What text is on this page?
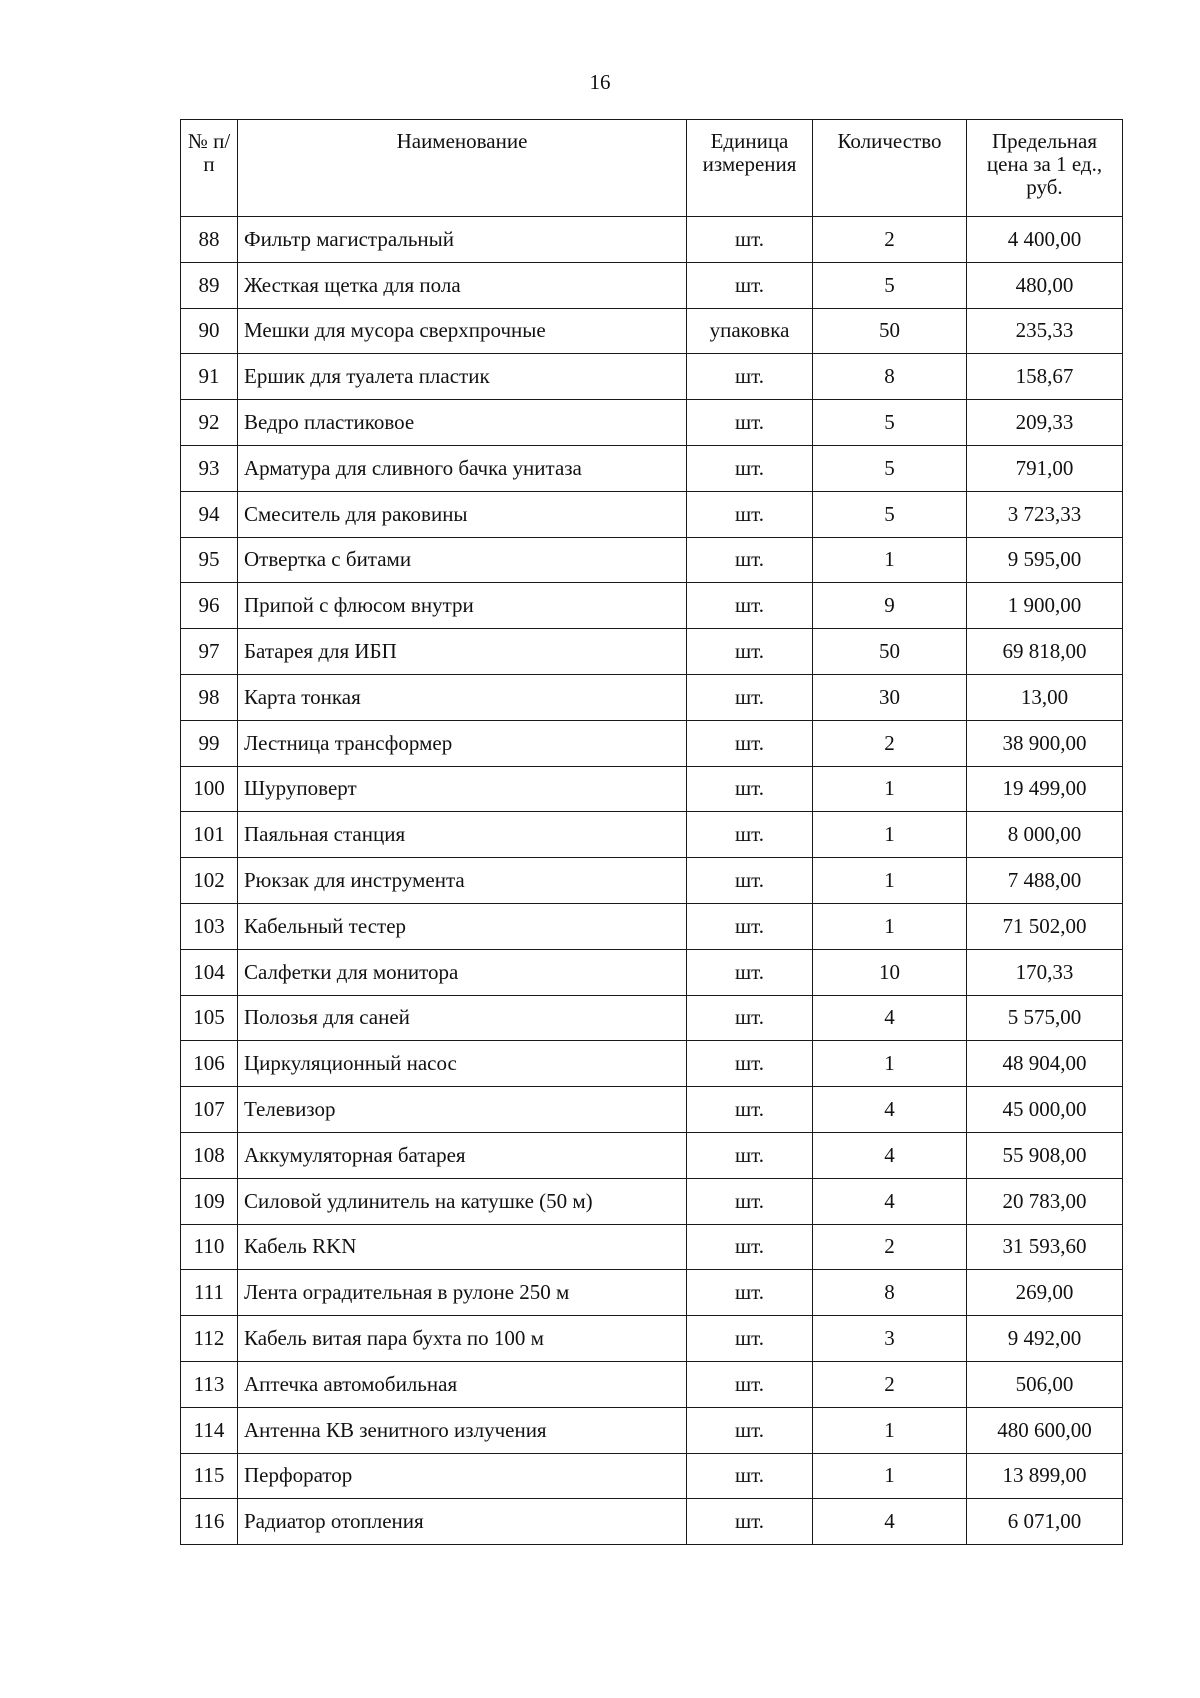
16
№ п/п	Наименование	Единица измерения	Количество	Предельная цена за 1 ед., руб.
88	Фильтр магистральный	шт.	2	4 400,00
89	Жесткая щетка для пола	шт.	5	480,00
90	Мешки для мусора сверхпрочные	упаковка	50	235,33
91	Ершик для туалета пластик	шт.	8	158,67
92	Ведро пластиковое	шт.	5	209,33
93	Арматура для сливного бачка унитаза	шт.	5	791,00
94	Смеситель для раковины	шт.	5	3 723,33
95	Отвертка с битами	шт.	1	9 595,00
96	Припой с флюсом внутри	шт.	9	1 900,00
97	Батарея для ИБП	шт.	50	69 818,00
98	Карта тонкая	шт.	30	13,00
99	Лестница трансформер	шт.	2	38 900,00
100	Шуруповерт	шт.	1	19 499,00
101	Паяльная станция	шт.	1	8 000,00
102	Рюкзак для инструмента	шт.	1	7 488,00
103	Кабельный тестер	шт.	1	71 502,00
104	Салфетки для монитора	шт.	10	170,33
105	Полозья для саней	шт.	4	5 575,00
106	Циркуляционный насос	шт.	1	48 904,00
107	Телевизор	шт.	4	45 000,00
108	Аккумуляторная батарея	шт.	4	55 908,00
109	Силовой удлинитель на катушке (50 м)	шт.	4	20 783,00
110	Кабель RKN	шт.	2	31 593,60
111	Лента оградительная в рулоне 250 м	шт.	8	269,00
112	Кабель витая пара бухта по 100 м	шт.	3	9 492,00
113	Аптечка автомобильная	шт.	2	506,00
114	Антенна КВ зенитного излучения	шт.	1	480 600,00
115	Перфоратор	шт.	1	13 899,00
116	Радиатор отопления	шт.	4	6 071,00
